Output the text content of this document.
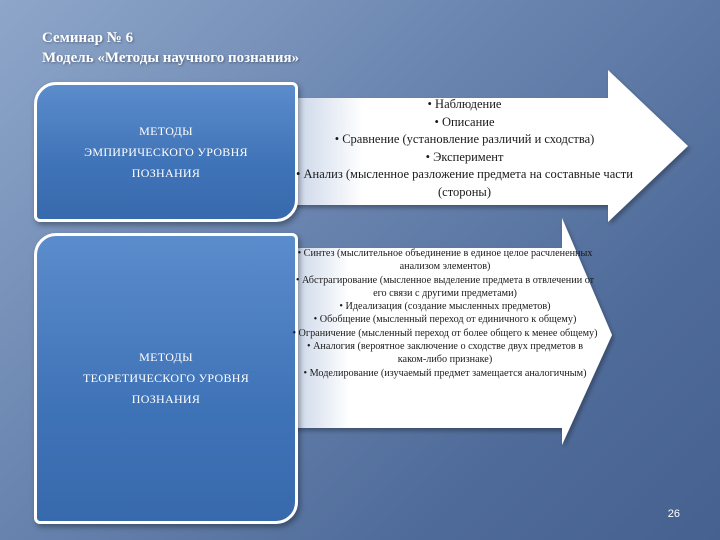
Семинар № 6
Модель «Методы научного познания»
МЕТОДЫ
ЭМПИРИЧЕСКОГО УРОВНЯ
ПОЗНАНИЯ
МЕТОДЫ
ТЕОРЕТИЧЕСКОГО УРОВНЯ
ПОЗНАНИЯ
• Наблюдение
• Описание
• Сравнение (установление различий и сходства)
• Эксперимент
• Анализ (мысленное разложение предмета на составные части (стороны)
• Синтез (мыслительное объединение в единое целое расчлененных анализом элементов)
• Абстрагирование (мысленное выделение предмета в отвлечении от его связи с другими предметами)
• Идеализация (создание мысленных предметов)
• Обобщение (мысленный переход от единичного к общему)
• Ограничение (мысленный переход от более общего к менее общему)
• Аналогия (вероятное заключение о сходстве двух предметов в каком-либо признаке)
• Моделирование (изучаемый предмет замещается аналогичным)
26
